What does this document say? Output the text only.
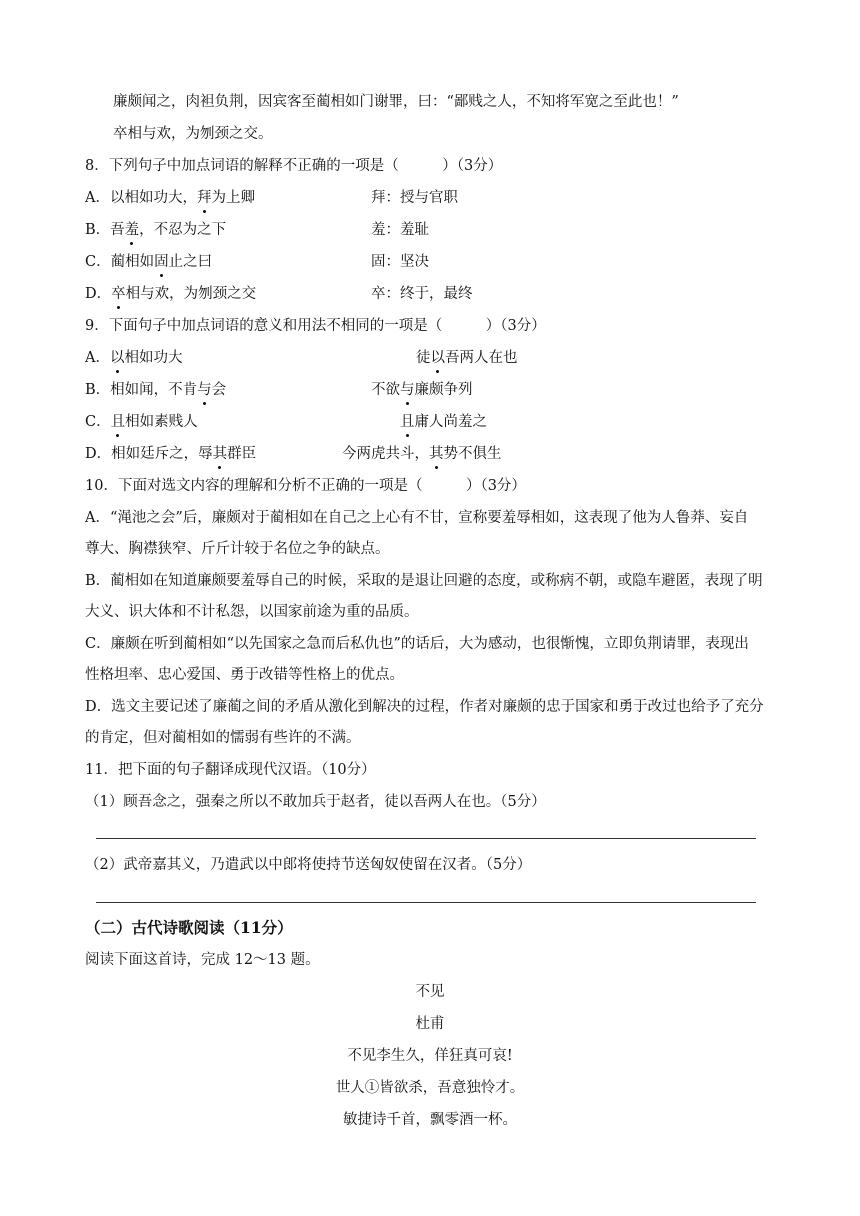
廉颇闻之，肉袒负荆，因宾客至蔺相如门谢罪，曰：“鄙贱之人，不知将军宽之至此也！”
卒相与欢，为刎颈之交。
8．下列句子中加点词语的解释不正确的一项是（　　　）（3分）
A．以相如功大，拜为上卿	拜：授与官职
B．吾羞，不忍为之下	羞：羞耻
C．蔺相如固止之曰	固：坚决
D．卒相与欢，为刎颈之交	卒：终于，最终
9．下面句子中加点词语的意义和用法不相同的一项是（　　　）（3分）
A．以相如功大	徒以吾两人在也
B．相如闻，不肯与会	不欲与廉颇争列
C．且相如素贱人	且庸人尚羞之
D．相如廷斥之，辱其群臣	今两虎共斗，其势不俱生
10．下面对选文内容的理解和分析不正确的一项是（　　　）（3分）
A．“渑池之会”后，廉颇对于蔺相如在自己之上心有不甘，宣称要羞辱相如，这表现了他为人鲁莽、妄自
尊大、胸襟狭窄、斤斤计较于名位之争的缺点。
B．蔺相如在知道廉颇要羞辱自己的时候，采取的是退让回避的态度，或称病不朝，或隐车避匿，表现了明
大义、识大体和不计私怨，以国家前途为重的品质。
C．廉颇在听到蔺相如“以先国家之急而后私仇也”的话后，大为感动，也很惭愧，立即负荆请罪，表现出
性格坦率、忠心爱国、勇于改错等性格上的优点。
D．选文主要记述了廉蔺之间的矛盾从激化到解决的过程，作者对廉颇的忠于国家和勇于改过也给予了充分
的肯定，但对蔺相如的懦弱有些许的不满。
11．把下面的句子翻译成现代汉语。（10分）
（1）顾吾念之，强秦之所以不敢加兵于赵者，徒以吾两人在也。（5分）
（2）武帝嘉其义，乃遣武以中郎将使持节送匈奴使留在汉者。（5分）
（二）古代诗歌阅读（11分）
阅读下面这首诗，完成 12～13 题。
不见
杜甫
不见李生久，佯狂真可哀!
世人①皆欲杀，吾意独怜才。
敏捷诗千首，飘零酒一杯。
